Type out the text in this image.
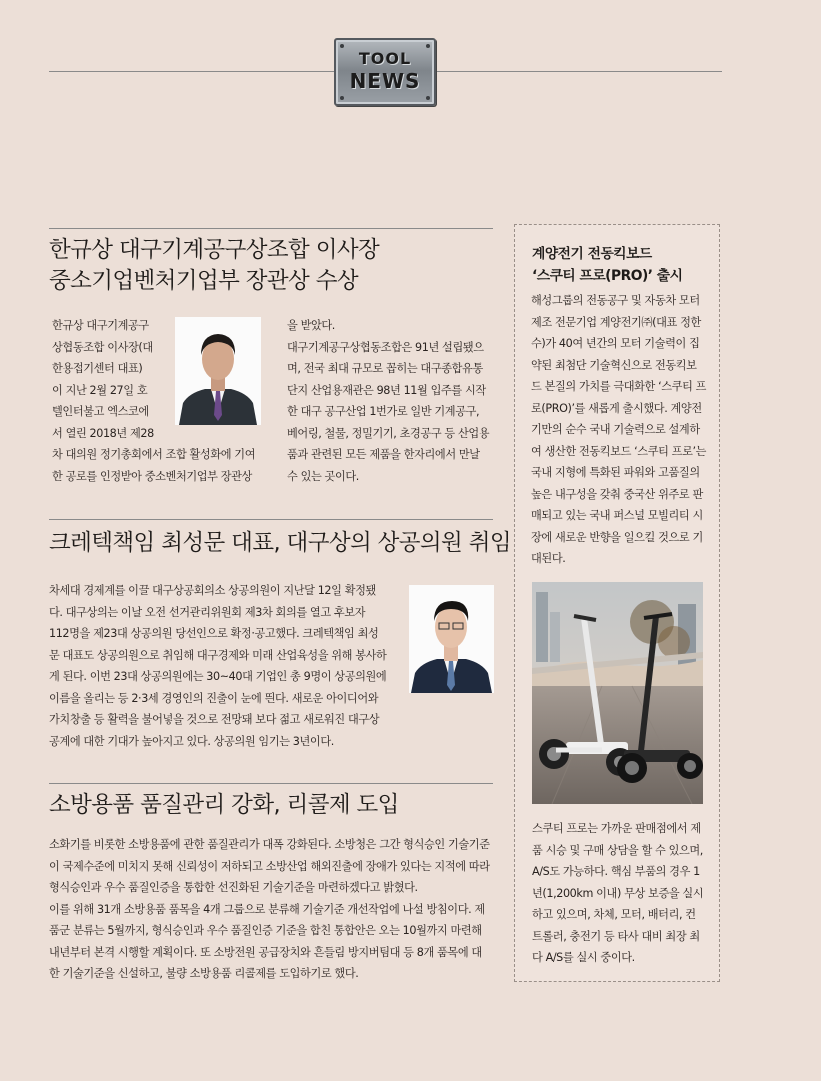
TOOL
NEWS
한규상 대구기계공구상조합 이사장
중소기업벤처기업부 장관상 수상

한규상 대구기계공구

상협동조합 이사장(대

한용접기센터 대표)

이 지난 2월 27일 호

텔인터불고 엑스코에

서 열린 2018년 제28

차 대의원 정기총회에서 조합 활성화에 기여

한 공로를 인정받아 중소벤처기업부 장관상

을 받았다.

대구기계공구상협동조합은 91년 설립됐으

며, 전국 최대 규모로 꼽히는 대구종합유통

단지 산업용재관은 98년 11월 입주를 시작

한 대구 공구산업 1번가로 일반 기계공구,

베어링, 철물, 정밀기기, 초경공구 등 산업용

품과 관련된 모든 제품을 한자리에서 만날

수 있는 곳이다.

크레텍책임 최성문 대표, 대구상의 상공의원 취임

차세대 경제계를 이끌 대구상공회의소 상공의원이 지난달 12일 확정됐

다. 대구상의는 이날 오전 선거관리위원회 제3차 회의를 열고 후보자

112명을 제23대 상공의원 당선인으로 확정·공고했다. 크레텍책임 최성

문 대표도 상공의원으로 취임해 대구경제와 미래 산업육성을 위해 봉사하

게 된다. 이번 23대 상공의원에는 30~40대 기업인 총 9명이 상공의원에

이름을 올리는 등 2·3세 경영인의 진출이 눈에 띈다. 새로운 아이디어와

가치창출 등 활력을 불어넣을 것으로 전망돼 보다 젊고 새로워진 대구상

공계에 대한 기대가 높아지고 있다. 상공의원 임기는 3년이다.

소방용품 품질관리 강화, 리콜제 도입

소화기를 비롯한 소방용품에 관한 품질관리가 대폭 강화된다. 소방청은 그간 형식승인 기술기준

이 국제수준에 미치지 못해 신뢰성이 저하되고 소방산업 해외진출에 장애가 있다는 지적에 따라

형식승인과 우수 품질인증을 통합한 선진화된 기술기준을 마련하겠다고 밝혔다.

이를 위해 31개 소방용품 품목을 4개 그룹으로 분류해 기술기준 개선작업에 나설 방침이다. 제

품군 분류는 5월까지, 형식승인과 우수 품질인증 기준을 합친 통합안은 오는 10월까지 마련해

내년부터 본격 시행할 계획이다. 또 소방전원 공급장치와 흔들림 방지버팀대 등 8개 품목에 대

한 기술기준을 신설하고, 불량 소방용품 리콜제를 도입하기로 했다.

계양전기 전동킥보드
‘스쿠티 프로(PRO)’ 출시

해성그룹의 전동공구 및 자동차 모터

제조 전문기업 계양전기㈜(대표 정한

수)가 40여 년간의 모터 기술력이 집

약된 최첨단 기술혁신으로 전동킥보

드 본질의 가치를 극대화한 ‘스쿠티 프

로(PRO)’를 새롭게 출시했다. 계양전

기만의 순수 국내 기술력으로 설계하

여 생산한 전동킥보드 ‘스쿠티 프로’는

국내 지형에 특화된 파워와 고품질의

높은 내구성을 갖춰 중국산 위주로 판

매되고 있는 국내 퍼스널 모빌리티 시

장에 새로운 반향을 일으킬 것으로 기

대된다.

스쿠티 프로는 가까운 판매점에서 제

품 시승 및 구매 상담을 할 수 있으며,

A/S도 가능하다. 핵심 부품의 경우 1

년(1,200km 이내) 무상 보증을 실시

하고 있으며, 차체, 모터, 배터리, 컨

트롤러, 충전기 등 타사 대비 최장 최

다 A/S를 실시 중이다.
